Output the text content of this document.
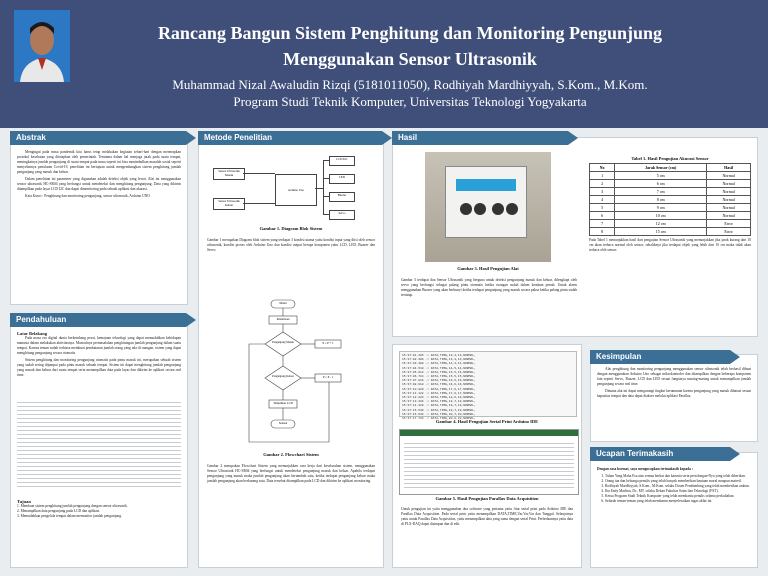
Rancang Bangun Sistem Penghitung dan Monitoring Pengunjung
Menggunakan Sensor Ultrasonik
Muhammad Nizal Awaludin Rizqi (5181011050), Rodhiyah Mardhiyyah, S.Kom., M.Kom.
Program Studi Teknik Komputer, Universitas Teknologi Yogyakarta

Mengingat pada masa pandemik kita harus tetap melakukan kegiatan sehari-hari dengan menerapkan protokol kesehatan yang ditetapkan oleh pemerintah. Terutama dalam hal menjaga jarak pada suatu tempat, meningkatnya jumlah pengunjung di suatu tempat pada masa seperti ini bisa menimbulkan masalah sosial seperti menyebarnya penularan Covid-19, penelitian ini bertujuan untuk mengembangkan sistem penghitung jumlah pengunjung yang masuk dan keluar.

Dalam penelitian ini parameter yang digunakan adalah deteksi objek yang lewat. Alat ini menggunakan sensor ultrasonik HC-SR04 yang berfungsi untuk mendeteksi dan menghitung pengunjung. Data yang dikirim ditampilkan pada layar LCD I2C dan dapat dimonitoring pada sebuah aplikasi dan akurasi.

Kata Kunci : Penghitung dan monitoring pengunjung, sensor ultrasonik, Arduino UNO

Abstrak
Latar Belakang

Pada masa era digital dunia berkembang pesat, kemajuan teknologi yang dapat memudahkan kehidupan manusia dalam melakukan aktivitasnya. Munculnya permasalahan penghitungan jumlah pengunjung dalam suatu tempat. Karena teman sudah terbiasa membuat pembatasan jumlah orang yang ada di ruangan, sistem yang dapat menghitung pengunjung secara otomatis.

Sistem penghitung dan monitoring pengunjung otomatis pada pintu masuk ini, merupakan sebuah sistem yang sudah sering dijumpai pada pintu masuk sebuah tempat. Sistem ini dapat menghitung jumlah pengunjung yang masuk dan keluar dari suatu tempat serta menampilkan data pada layar dan dikirim ke aplikasi secara real time.

Tujuan
1. Membuat sistem penghitung jumlah pengunjung dengan sensor ultrasonik.
2. Menampilkan data pengunjung pada LCD dan aplikasi.
3. Memudahkan pengelola tempat dalam memonitor jumlah pengunjung.
Pendahuluan
Sensor Ultrasonik Masuk
Sensor Ultrasonik Keluar
Arduino Uno
LCD I2C
LED
Buzzer
Servo
Gambar 1. Diagram Blok Sistem
Gambar 1 merupakan Diagram blok sistem yang terdapat 3 kondisi utama yaitu kondisi input yang diisi oleh sensor ultrasonik, kondisi proses oleh Arduino Uno dan kondisi output berupa komponen yaitu LCD, LED, Buzzer dan Servo.
Mulai
Inisialisasi
Pengunjung Masuk	P = P + 1
Pengunjung Keluar	P = P - 1
Tampilkan LCD
Selesai
Gambar 2. Flowchart Sistem
Gambar 2 merupakan Flowchart Sistem yang menunjukkan cara kerja dari keseluruhan sistem, menggunakan Sensor Ultrasonik HC-SR04 yang berfungsi untuk mendeteksi pengunjung masuk dan keluar. Apabila terdapat pengunjung yang masuk maka jumlah pengunjung akan bertambah satu, ketika terdapat pengunjung keluar maka jumlah pengunjung akan berkurang satu. Data tersebut ditampilkan pada LCD dan dikirim ke aplikasi monitoring.
Metode Penelitian
Gambar 3. Hasil Pengujian Alat
Gambar 3 terdapat dua Sensor Ultrasonik yang berguna untuk deteksi pengunjung masuk dan keluar, dilengkapi oleh servo yang berfungsi sebagai palang pintu otomatis ketika ruangan sudah dalam keadaan penuh. Untuk alarm menggunakan Buzzer yang akan berbunyi ketika terdapat pengunjung yang masuk secara paksa ketika palang pintu sudah tertutup.
Tabel 1. Hasil Pengujian Akurasi Sensor
No	Jarak Sensor (cm)	Hasil
1	5 cm	Normal
2	6 cm	Normal
3	7 cm	Normal
4	8 cm	Normal
5	9 cm	Normal
6	10 cm	Normal
7	12 cm	Error
8	15 cm	Error
Pada Tabel 1 menunjukkan hasil dari pengujian Sensor Ultrasonik yang menunjukkan jika jarak kurang dari 10 cm akan terbaca normal oleh sensor, sebaliknya jika terdapat objek yang lebih dari 10 cm maka tidak akan terbaca oleh sensor.
Hasil
15:37:01.205 -> DATA,TIME,13,4,13,NORMAL,
15:37:02.306 -> DATA,TIME,13,4,13,NORMAL,
15:37:03.408 -> DATA,TIME,14,4,14,NORMAL,
15:37:04.510 -> DATA,TIME,14,5,14,NORMAL,
15:37:05.612 -> DATA,TIME,15,5,15,NORMAL,
15:37:06.714 -> DATA,TIME,15,5,15,NORMAL,
15:37:07.816 -> DATA,TIME,16,5,16,NORMAL,
15:37:08.918 -> DATA,TIME,16,6,16,NORMAL,
15:37:10.020 -> DATA,TIME,17,6,17,NORMAL,
15:37:11.122 -> DATA,TIME,17,6,17,NORMAL,
15:37:12.224 -> DATA,TIME,18,6,18,NORMAL,
15:37:13.326 -> DATA,TIME,18,7,18,NORMAL,
15:37:14.428 -> DATA,TIME,19,7,19,NORMAL,
15:37:15.530 -> DATA,TIME,19,7,19,NORMAL,
15:37:16.632 -> DATA,TIME,20,7,20,NORMAL,
15:37:17.734 -> DATA,TIME,20,8,20,NORMAL,
Gambar 4. Hasil Pengujian Serial Print Arduino IDE
Gambar 5. Hasil Pengujian Parallax Data Acquisition
Untuk pengujian ini yaitu menggunakan dua software yang pertama yaitu fitur serial print pada Arduino IDE dan Parallax Data Acquisition. Pada serial print yaitu menampilkan DATA,TIME,Var,Var,Var dan Tanggal. Selanjutnya yaitu untuk Parallax Data Acquisition, yaitu menampilkan data yang sama dengan serial Print. Perbedaannya yaitu data di PLX-DAQ dapat disimpan dan di edit.

Alat penghitung dan monitoring pengunjung menggunakan sensor ultrasonik telah berhasil dibuat dengan menggunakan Arduino Uno sebagai mikrokontroler dan ditampilkan dengan beberapa komponen lain seperti Servo, Buzzer, LCD dan LED sesuai fungsinya masing-masing untuk menampilkan jumlah pengunjung secara real time.

Dimana alat ini dapat mengurangi tingkat kerumunan karena pengunjung yang masuk dibatasi sesuai kapasitas tempat dan data dapat diakses melalui aplikasi Parallax.

Kesimpulan
Dengan rasa hormat, saya mengucapkan terimakasih kepada :
1. Tuhan Yang Maha Esa atas semua berkat dan karunia serta pertolongan-Nya yang telah diberikan.
2. Orang tua dan keluarga penulis yang telah banyak memberikan bantuan moral maupun materil.
3. Rodhiyah Mardhiyyah, S.Kom., M.Kom. selaku Dosen Pembimbing yang telah memberikan arahan.
4. Ibu Endy Marlina, Dr., MT. selaku Dekan Fakultas Sains dan Teknologi (FST).
5. Ketua Program Studi Teknik Komputer yang telah membantu penulis selama perkuliahan.
6. Seluruh teman-teman yang telah membantu menyelesaikan tugas akhir ini.
Ucapan Terimakasih
